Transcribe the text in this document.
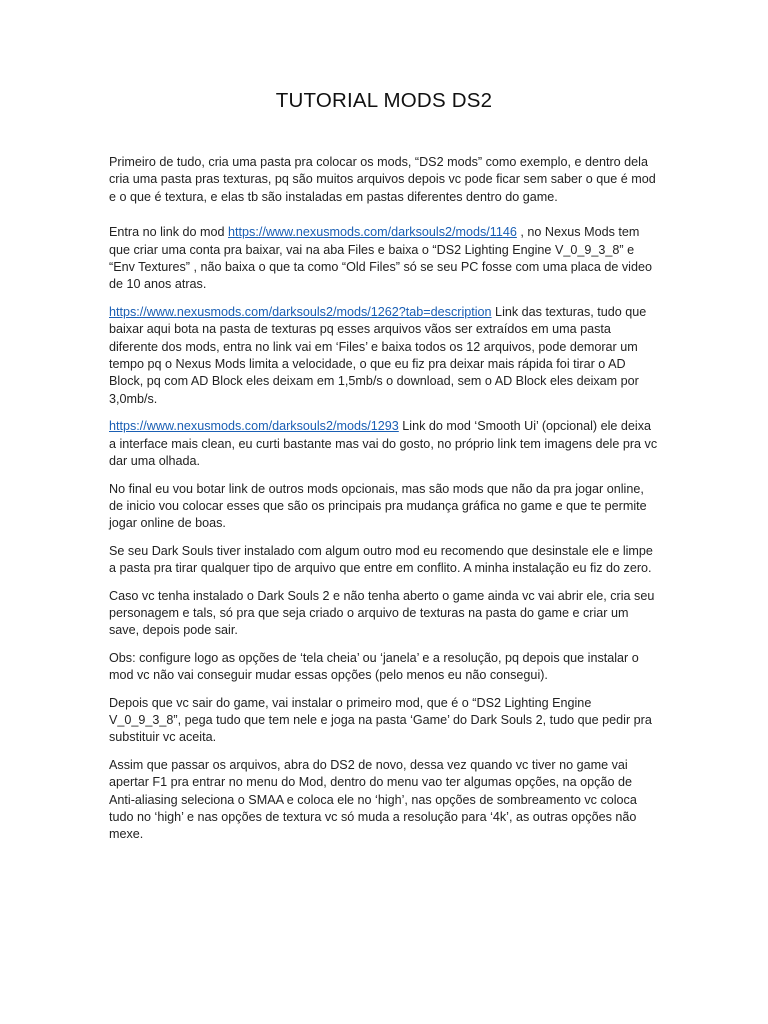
TUTORIAL MODS DS2

Primeiro de tudo, cria uma pasta pra colocar os mods, “DS2 mods” como exemplo, e dentro dela cria uma pasta pras texturas, pq são muitos arquivos depois vc pode ficar sem saber o que é mod e o que é textura, e elas tb são instaladas em pastas diferentes dentro do game.

Entra no link do mod https://www.nexusmods.com/darksouls2/mods/1146 , no Nexus Mods tem que criar uma conta pra baixar, vai na aba Files e baixa o “DS2 Lighting Engine V_0_9_3_8” e “Env Textures” , não baixa o que ta como “Old Files” só se seu PC fosse com uma placa de video de 10 anos atras.

https://www.nexusmods.com/darksouls2/mods/1262?tab=description Link das texturas, tudo que baixar aqui bota na pasta de texturas pq esses arquivos vãos ser extraídos em uma pasta diferente dos mods, entra no link vai em ‘Files’ e baixa todos os 12 arquivos, pode demorar um tempo pq o Nexus Mods limita a velocidade, o que eu fiz pra deixar mais rápida foi tirar o AD Block, pq com AD Block eles deixam em 1,5mb/s o download, sem o AD Block eles deixam por 3,0mb/s.

https://www.nexusmods.com/darksouls2/mods/1293 Link do mod ‘Smooth Ui’ (opcional) ele deixa a interface mais clean, eu curti bastante mas vai do gosto, no próprio link tem imagens dele pra vc dar uma olhada.

No final eu vou botar link de outros mods opcionais, mas são mods que não da pra jogar online, de inicio vou colocar esses que são os principais pra mudança gráfica no game e que te permite jogar online de boas.

Se seu Dark Souls tiver instalado com algum outro mod eu recomendo que desinstale ele e limpe a pasta pra tirar qualquer tipo de arquivo que entre em conflito. A minha instalação eu fiz do zero.

Caso vc tenha instalado o Dark Souls 2 e não tenha aberto o game ainda vc vai abrir ele, cria seu personagem e tals, só pra que seja criado o arquivo de texturas na pasta do game e criar um save, depois pode sair.

Obs: configure logo as opções de ‘tela cheia’ ou ‘janela’ e a resolução, pq depois que instalar o mod vc não vai conseguir mudar essas opções (pelo menos eu não consegui).

Depois que vc sair do game, vai instalar o primeiro mod, que é o “DS2 Lighting Engine V_0_9_3_8”, pega tudo que tem nele e joga na pasta ‘Game’ do Dark Souls 2, tudo que pedir pra substituir vc aceita.

Assim que passar os arquivos, abra do DS2 de novo, dessa vez quando vc tiver no game vai apertar F1 pra entrar no menu do Mod, dentro do menu vao ter algumas opções, na opção de Anti-aliasing seleciona o SMAA e coloca ele no ‘high’, nas opções de sombreamento vc coloca tudo no ‘high’ e nas opções de textura vc só muda a resolução para ‘4k’, as outras opções não mexe.
